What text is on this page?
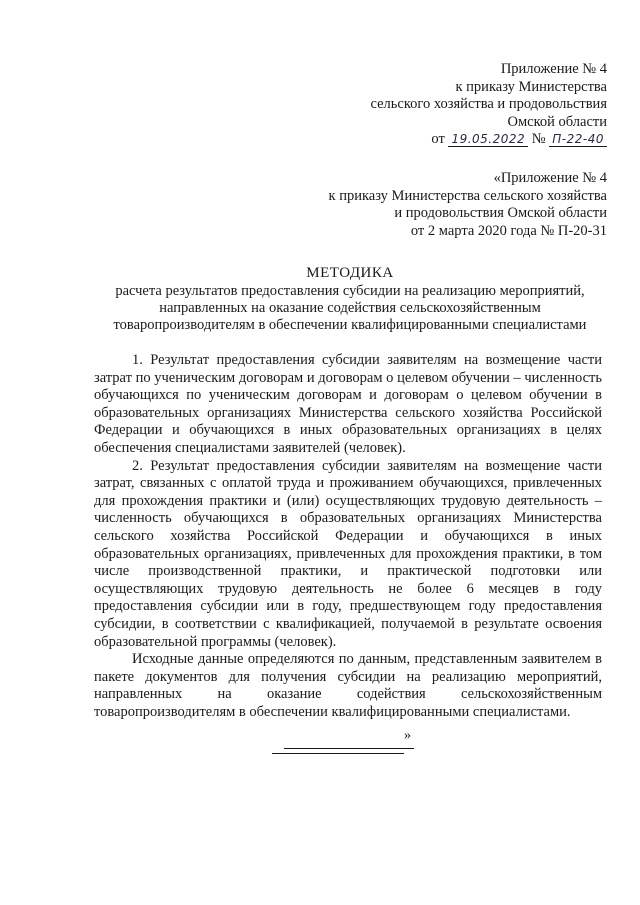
Приложение № 4
к приказу Министерства
сельского хозяйства и продовольствия
Омской области
от 19.05.2022 № П-22-40
«Приложение № 4
к приказу Министерства сельского хозяйства
и продовольствия Омской области
от 2 марта 2020 года № П-20-31
МЕТОДИКА
расчета результатов предоставления субсидии на реализацию мероприятий, направленных на оказание содействия сельскохозяйственным товаропроизводителям в обеспечении квалифицированными специалистами

1. Результат предоставления субсидии заявителям на возмещение части затрат по ученическим договорам и договорам о целевом обучении – численность обучающихся по ученическим договорам и договорам о целевом обучении в образовательных организациях Министерства сельского хозяйства Российской Федерации и обучающихся в иных образовательных организациях в целях обеспечения специалистами заявителей (человек).

2. Результат предоставления субсидии заявителям на возмещение части затрат, связанных с оплатой труда и проживанием обучающихся, привлеченных для прохождения практики и (или) осуществляющих трудовую деятельность – численность обучающихся в образовательных организациях Министерства сельского хозяйства Российской Федерации и обучающихся в иных образовательных организациях, привлеченных для прохождения практики, в том числе производственной практики, и практической подготовки или осуществляющих трудовую деятельность не более 6 месяцев в году предоставления субсидии или в году, предшествующем году предоставления субсидии, в соответствии с квалификацией, получаемой в результате освоения образовательной программы (человек).

Исходные данные определяются по данным, представленным заявителем в пакете документов для получения субсидии на реализацию мероприятий, направленных на оказание содействия сельскохозяйственным товаропроизводителям в обеспечении квалифицированными специалистами.

»
